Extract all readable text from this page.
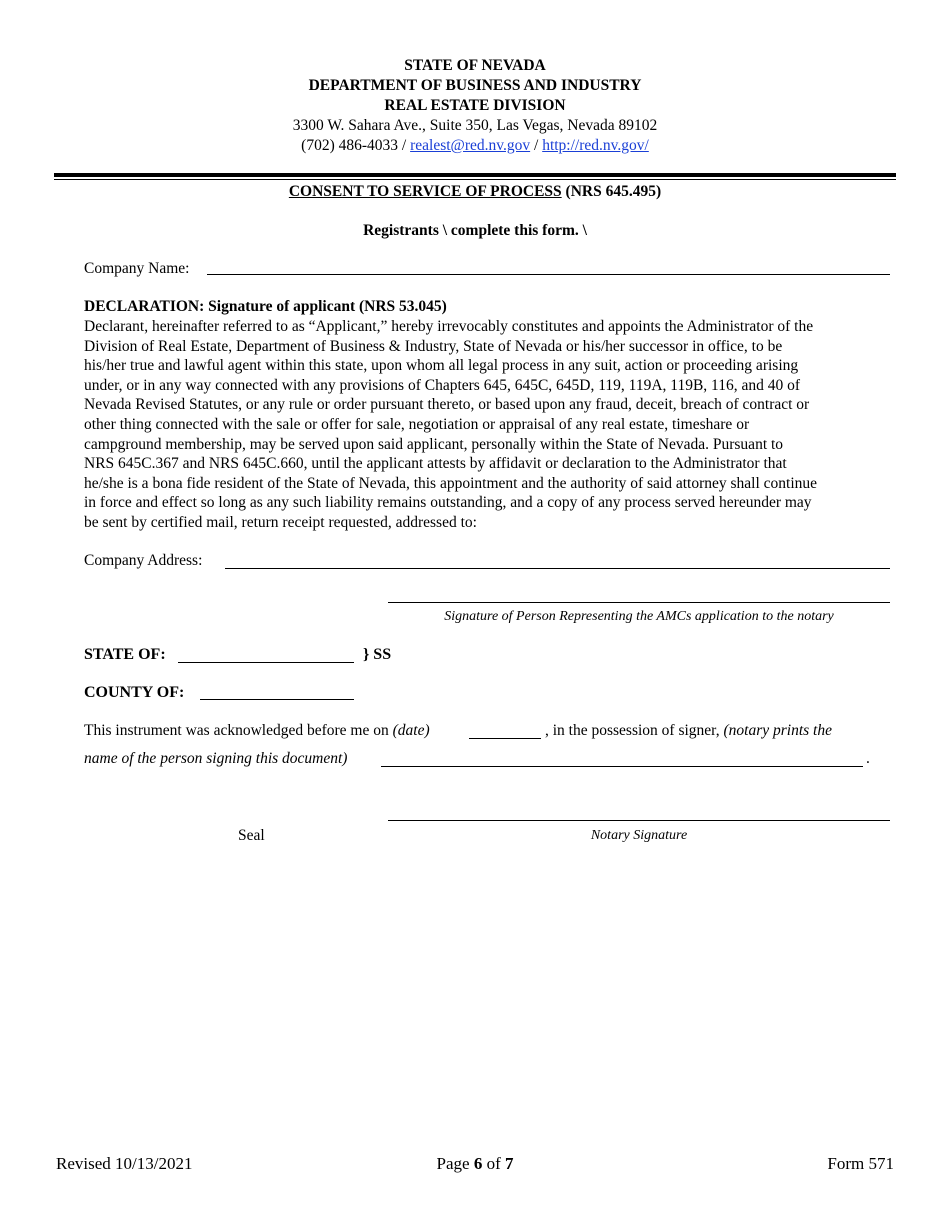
STATE OF NEVADA
DEPARTMENT OF BUSINESS AND INDUSTRY
REAL ESTATE DIVISION
3300 W. Sahara Ave., Suite 350, Las Vegas, Nevada 89102
(702) 486-4033 / realest@red.nv.gov / http://red.nv.gov/
CONSENT TO SERVICE OF PROCESS (NRS 645.495)
Registrants \ complete this form. \
Company Name:
DECLARATION: Signature of applicant (NRS 53.045)
Declarant, hereinafter referred to as “Applicant,” hereby irrevocably constitutes and appoints the Administrator of the
Division of Real Estate, Department of Business & Industry, State of Nevada or his/her successor in office, to be
his/her true and lawful agent within this state, upon whom all legal process in any suit, action or proceeding arising
under, or in any way connected with any provisions of Chapters 645, 645C, 645D, 119, 119A, 119B, 116, and 40 of
Nevada Revised Statutes, or any rule or order pursuant thereto, or based upon any fraud, deceit, breach of contract or
other thing connected with the sale or offer for sale, negotiation or appraisal of any real estate, timeshare or
campground membership, may be served upon said applicant, personally within the State of Nevada. Pursuant to
NRS 645C.367 and NRS 645C.660, until the applicant attests by affidavit or declaration to the Administrator that
he/she is a bona fide resident of the State of Nevada, this appointment and the authority of said attorney shall continue
in force and effect so long as any such liability remains outstanding, and a copy of any process served hereunder may
be sent by certified mail, return receipt requested, addressed to:
Company Address:
Signature of Person Representing the AMCs application to the notary
STATE OF:	} SS
COUNTY OF:
This instrument was acknowledged before me on (date)	, in the possession of signer, (notary prints the
name of the person signing this document)	.
Seal	Notary Signature
Revised 10/13/2021	Page 6 of 7	Form 571
